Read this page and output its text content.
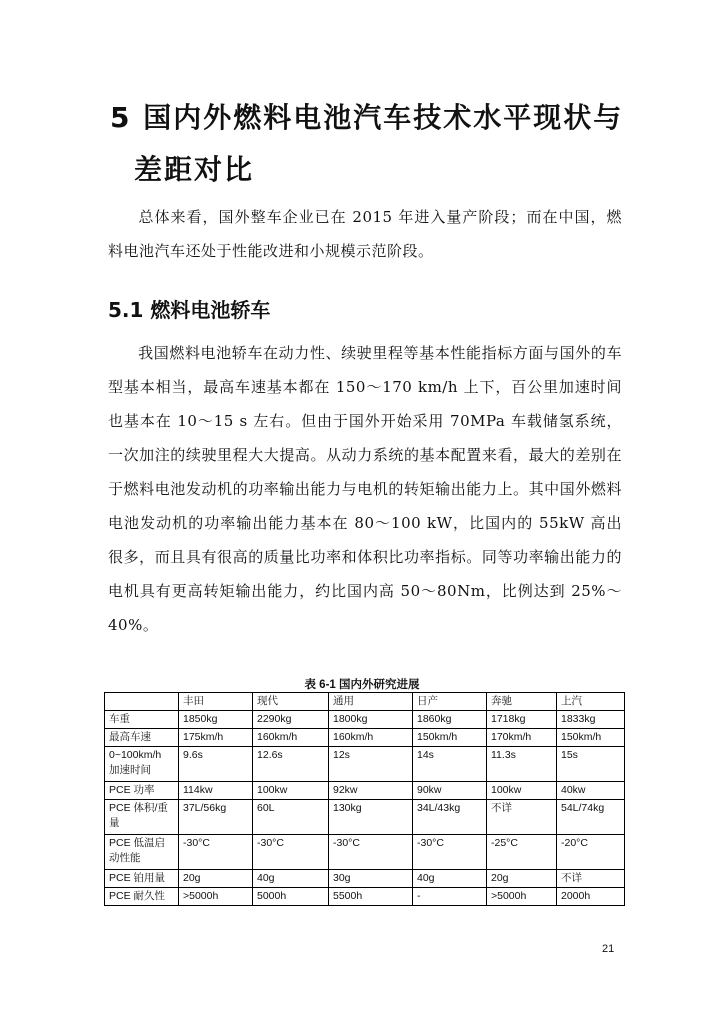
5 国内外燃料电池汽车技术水平现状与
差距对比
总体来看，国外整车企业已在 2015 年进入量产阶段；而在中国，燃料电池汽车还处于性能改进和小规模示范阶段。
5.1 燃料电池轿车
我国燃料电池轿车在动力性、续驶里程等基本性能指标方面与国外的车型基本相当，最高车速基本都在 150～170 km/h 上下，百公里加速时间也基本在 10～15 s 左右。但由于国外开始采用 70MPa 车载储氢系统，一次加注的续驶里程大大提高。从动力系统的基本配置来看，最大的差别在于燃料电池发动机的功率输出能力与电机的转矩输出能力上。其中国外燃料电池发动机的功率输出能力基本在 80～100 kW，比国内的 55kW 高出很多，而且具有很高的质量比功率和体积比功率指标。同等功率输出能力的电机具有更高转矩输出能力，约比国内高 50～80Nm，比例达到 25%～40%。
表 6-1 国内外研究进展
	丰田	现代	通用	日产	奔驰	上汽
车重	1850kg	2290kg	1800kg	1860kg	1718kg	1833kg
最高车速	175km/h	160km/h	160km/h	150km/h	170km/h	150km/h
0~100km/h 加速时间	9.6s	12.6s	12s	14s	11.3s	15s
PCE 功率	114kw	100kw	92kw	90kw	100kw	40kw
PCE 体积/重量	37L/56kg	60L	130kg	34L/43kg	不详	54L/74kg
PCE 低温启动性能	-30°C	-30°C	-30°C	-30°C	-25°C	-20°C
PCE 铂用量	20g	40g	30g	40g	20g	不详
PCE 耐久性	>5000h	5000h	5500h	-	>5000h	2000h
21
